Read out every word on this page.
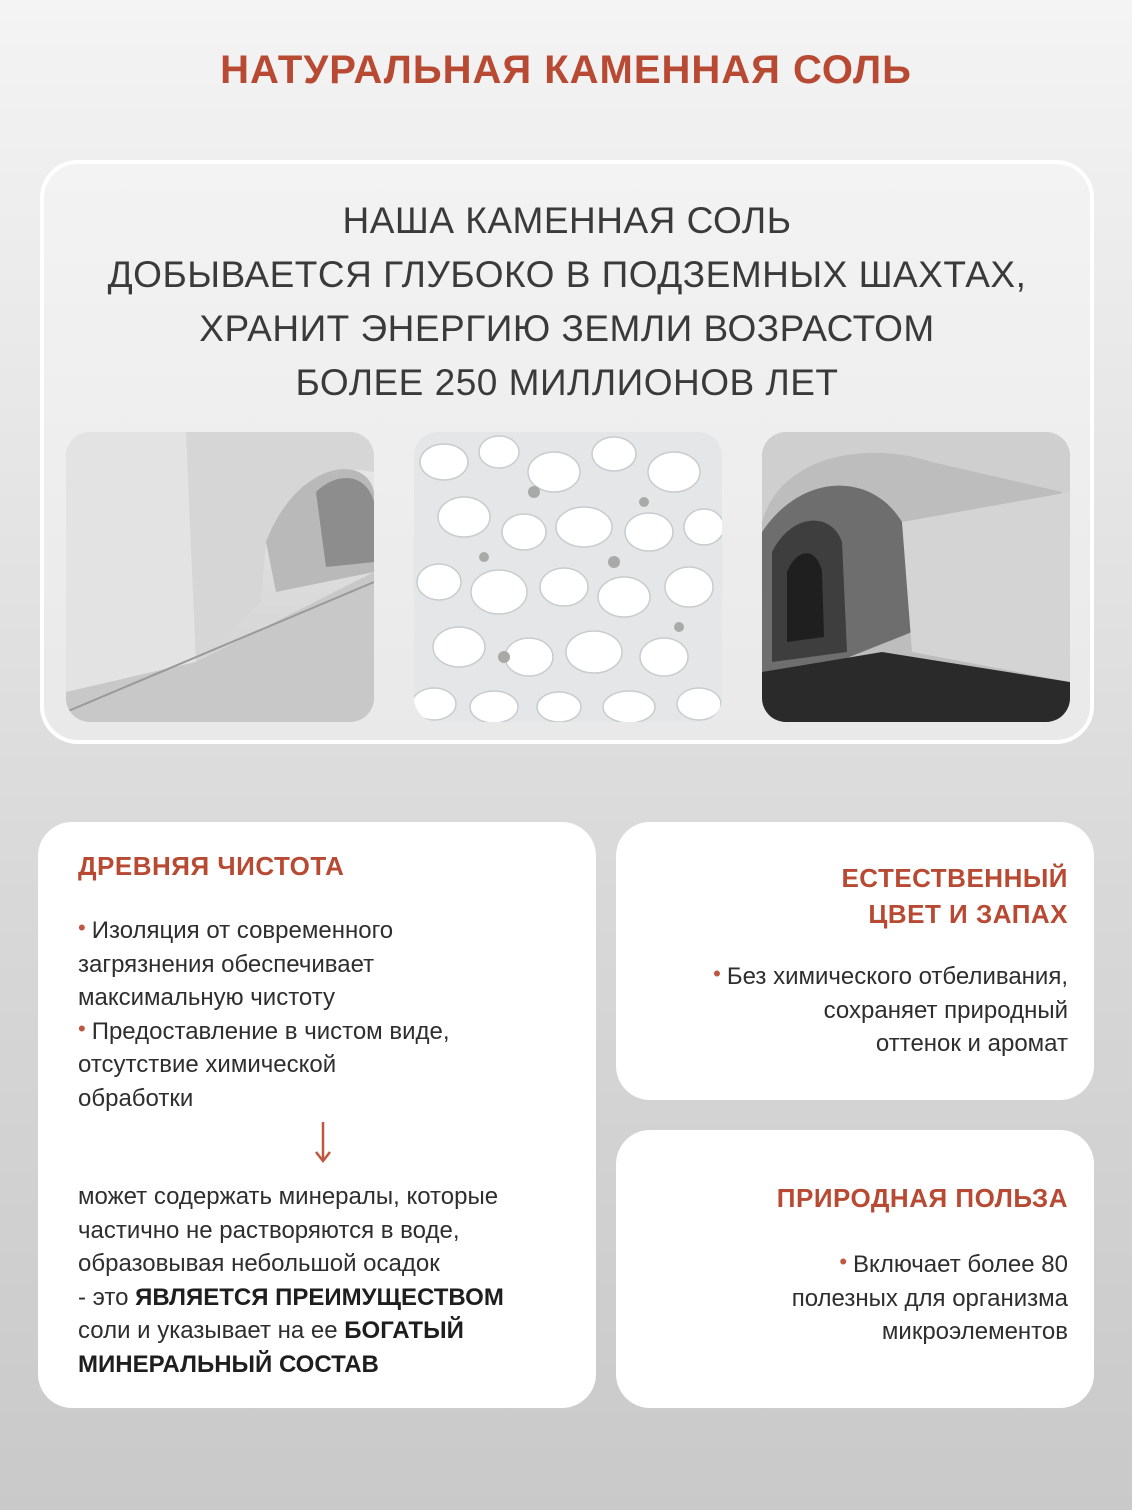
НАТУРАЛЬНАЯ КАМЕННАЯ СОЛЬ
НАША КАМЕННАЯ СОЛЬ
ДОБЫВАЕТСЯ ГЛУБОКО В ПОДЗЕМНЫХ ШАХТАХ,
ХРАНИТ ЭНЕРГИЮ ЗЕМЛИ ВОЗРАСТОМ
БОЛЕЕ 250 МИЛЛИОНОВ ЛЕТ
ДРЕВНЯЯ ЧИСТОТА
• Изоляция от современного
загрязнения обеспечивает
максимальную чистоту
• Предоставление в чистом виде,
отсутствие химической
обработки
может содержать минералы, которые
частично не растворяются в воде,
образовывая небольшой осадок
- это ЯВЛЯЕТСЯ ПРЕИМУЩЕСТВОМ
соли и указывает на ее БОГАТЫЙ
МИНЕРАЛЬНЫЙ СОСТАВ
ЕСТЕСТВЕННЫЙ
ЦВЕТ И ЗАПАХ
• Без химического отбеливания,
сохраняет природный
оттенок и аромат
ПРИРОДНАЯ ПОЛЬЗА
• Включает более 80
полезных для организма
микроэлементов
